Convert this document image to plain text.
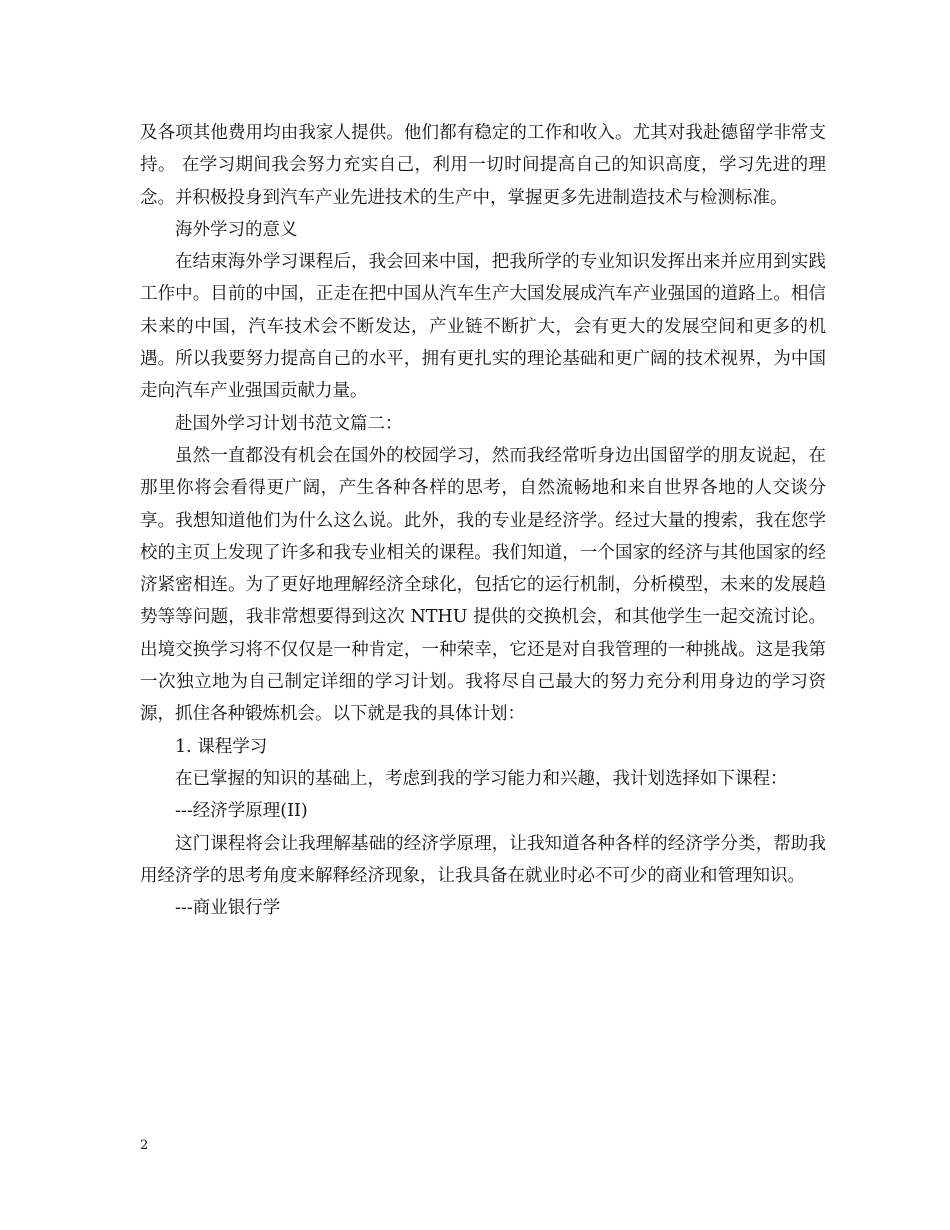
及各项其他费用均由我家人提供。他们都有稳定的工作和收入。尤其对我赴德留学非常支持。 在学习期间我会努力充实自己，利用一切时间提高自己的知识高度，学习先进的理念。并积极投身到汽车产业先进技术的生产中，掌握更多先进制造技术与检测标准。

海外学习的意义

在结束海外学习课程后，我会回来中国，把我所学的专业知识发挥出来并应用到实践工作中。目前的中国，正走在把中国从汽车生产大国发展成汽车产业强国的道路上。相信未来的中国，汽车技术会不断发达，产业链不断扩大，会有更大的发展空间和更多的机遇。所以我要努力提高自己的水平，拥有更扎实的理论基础和更广阔的技术视界，为中国走向汽车产业强国贡献力量。

赴国外学习计划书范文篇二：

虽然一直都没有机会在国外的校园学习，然而我经常听身边出国留学的朋友说起，在那里你将会看得更广阔，产生各种各样的思考，自然流畅地和来自世界各地的人交谈分享。我想知道他们为什么这么说。此外，我的专业是经济学。经过大量的搜索，我在您学校的主页上发现了许多和我专业相关的课程。我们知道，一个国家的经济与其他国家的经济紧密相连。为了更好地理解经济全球化，包括它的运行机制，分析模型，未来的发展趋势等等问题，我非常想要得到这次 NTHU 提供的交换机会，和其他学生一起交流讨论。出境交换学习将不仅仅是一种肯定，一种荣幸，它还是对自我管理的一种挑战。这是我第一次独立地为自己制定详细的学习计划。我将尽自己最大的努力充分利用身边的学习资源，抓住各种锻炼机会。以下就是我的具体计划：

1. 课程学习

在已掌握的知识的基础上，考虑到我的学习能力和兴趣，我计划选择如下课程：

---经济学原理(II)

这门课程将会让我理解基础的经济学原理，让我知道各种各样的经济学分类，帮助我用经济学的思考角度来解释经济现象，让我具备在就业时必不可少的商业和管理知识。

---商业银行学

2
